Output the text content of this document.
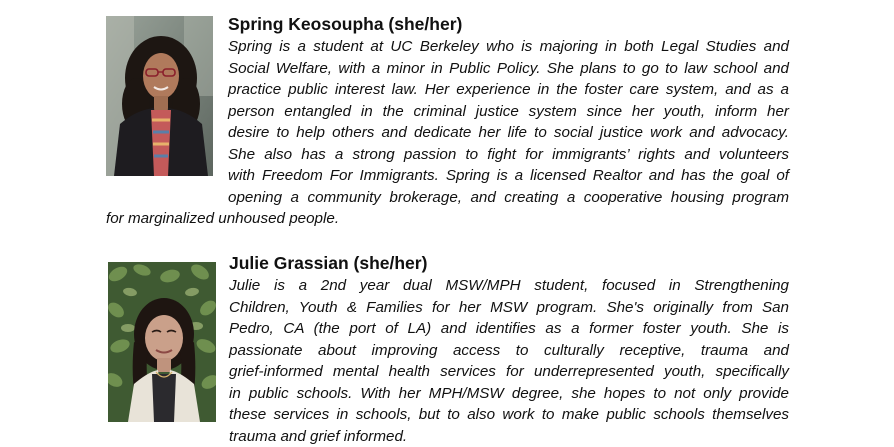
Spring Keosoupha (she/her)

Spring is a student at UC Berkeley who is majoring in both Legal Studies and

Social Welfare, with a minor in Public Policy. She plans to go to law school and

practice public interest law. Her experience in the foster care system, and as a

person entangled in the criminal justice system since her youth, inform her

desire to help others and dedicate her life to social justice work and advocacy.

She also has a strong passion to fight for immigrants’ rights and volunteers

with Freedom For Immigrants. Spring is a licensed Realtor and has the goal of

opening a community brokerage, and creating a cooperative housing program

for marginalized unhoused people.

Julie Grassian (she/her)

Julie is a 2nd year dual MSW/MPH student, focused in Strengthening

Children, Youth & Families for her MSW program. She's originally from San

Pedro, CA (the port of LA) and identifies as a former foster youth. She is

passionate about improving access to culturally receptive, trauma and

grief-informed mental health services for underrepresented youth, specifically

in public schools. With her MPH/MSW degree, she hopes to not only provide

these services in schools, but to also work to make public schools themselves

trauma and grief informed.
